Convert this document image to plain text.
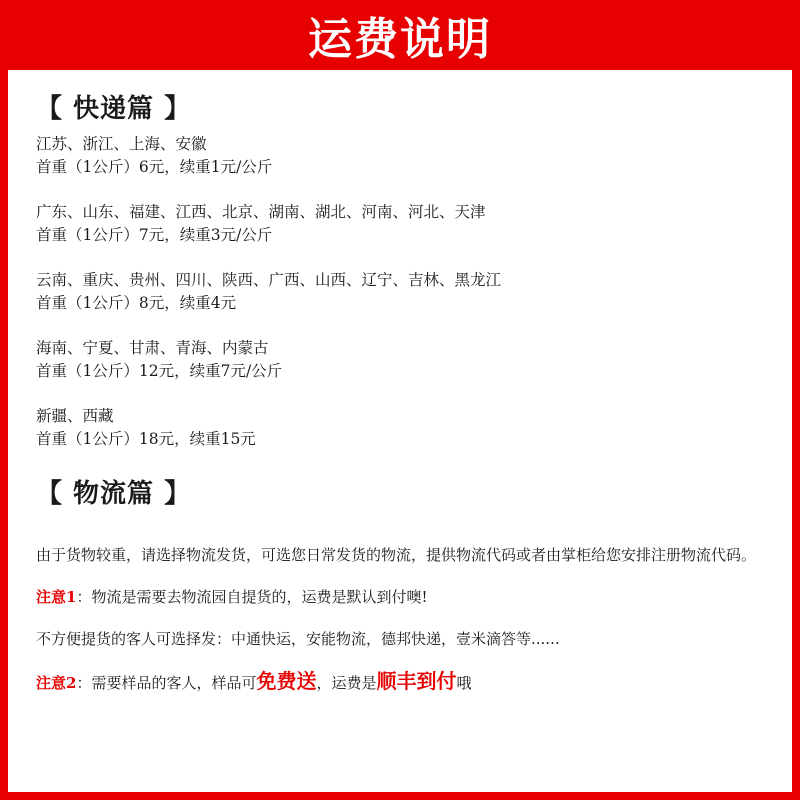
运费说明
【 快递篇 】
江苏、浙江、上海、安徽
首重（1公斤）6元，续重1元/公斤
广东、山东、福建、江西、北京、湖南、湖北、河南、河北、天津
首重（1公斤）7元，续重3元/公斤
云南、重庆、贵州、四川、陕西、广西、山西、辽宁、吉林、黑龙江
首重（1公斤）8元，续重4元
海南、宁夏、甘肃、青海、内蒙古
首重（1公斤）12元，续重7元/公斤
新疆、西藏
首重（1公斤）18元，续重15元
【 物流篇 】

由于货物较重，请选择物流发货，可选您日常发货的物流，提供物流代码或者由掌柜给您安排注册物流代码。

注意1：物流是需要去物流园自提货的，运费是默认到付噢!

不方便提货的客人可选择发：中通快运，安能物流，德邦快递，壹米滴答等......

注意2：需要样品的客人，样品可免费送，运费是顺丰到付哦
